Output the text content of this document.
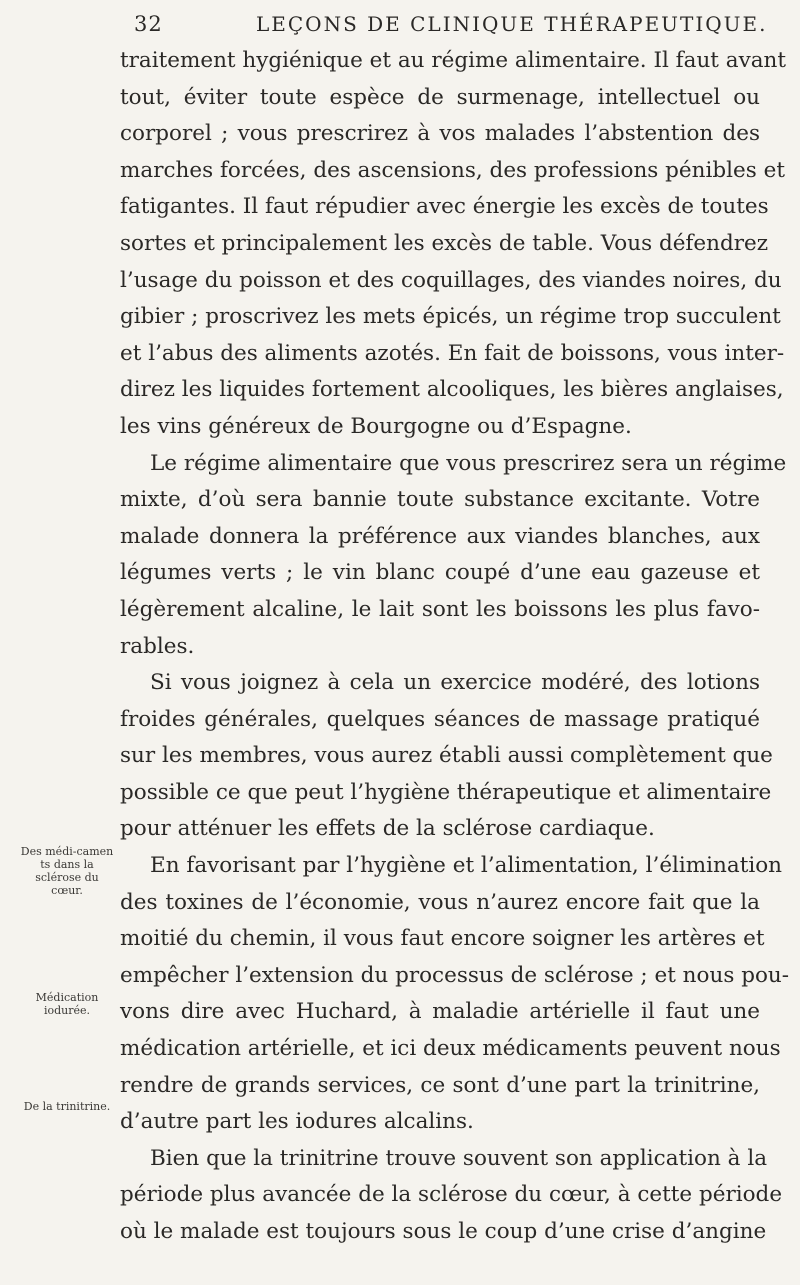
32	LEÇONS DE CLINIQUE THÉRAPEUTIQUE.
Des médi-camen ts dans la sclérose du cœur.
Médication iodurée.
De la trinitrine.
traitement hygiénique et au régime alimentaire. Il faut avant
tout, éviter toute espèce de surmenage, intellectuel ou
corporel ; vous prescrirez à vos malades l’abstention des
marches forcées, des ascensions, des professions pénibles et
fatigantes. Il faut répudier avec énergie les excès de toutes
sortes et principalement les excès de table. Vous défendrez
l’usage du poisson et des coquillages, des viandes noires, du
gibier ; proscrivez les mets épicés, un régime trop succulent
et l’abus des aliments azotés. En fait de boissons, vous inter-
direz les liquides fortement alcooliques, les bières anglaises,
les vins généreux de Bourgogne ou d’Espagne.
Le régime alimentaire que vous prescrirez sera un régime
mixte, d’où sera bannie toute substance excitante. Votre
malade donnera la préférence aux viandes blanches, aux
légumes verts ; le vin blanc coupé d’une eau gazeuse et
légèrement alcaline, le lait sont les boissons les plus favo-
rables.
Si vous joignez à cela un exercice modéré, des lotions
froides générales, quelques séances de massage pratiqué
sur les membres, vous aurez établi aussi complètement que
possible ce que peut l’hygiène thérapeutique et alimentaire
pour atténuer les effets de la sclérose cardiaque.
En favorisant par l’hygiène et l’alimentation, l’élimination
des toxines de l’économie, vous n’aurez encore fait que la
moitié du chemin, il vous faut encore soigner les artères et
empêcher l’extension du processus de sclérose ; et nous pou-
vons dire avec Huchard, à maladie artérielle il faut une
médication artérielle, et ici deux médicaments peuvent nous
rendre de grands services, ce sont d’une part la trinitrine,
d’autre part les iodures alcalins.
Bien que la trinitrine trouve souvent son application à la
période plus avancée de la sclérose du cœur, à cette période
où le malade est toujours sous le coup d’une crise d’angine
